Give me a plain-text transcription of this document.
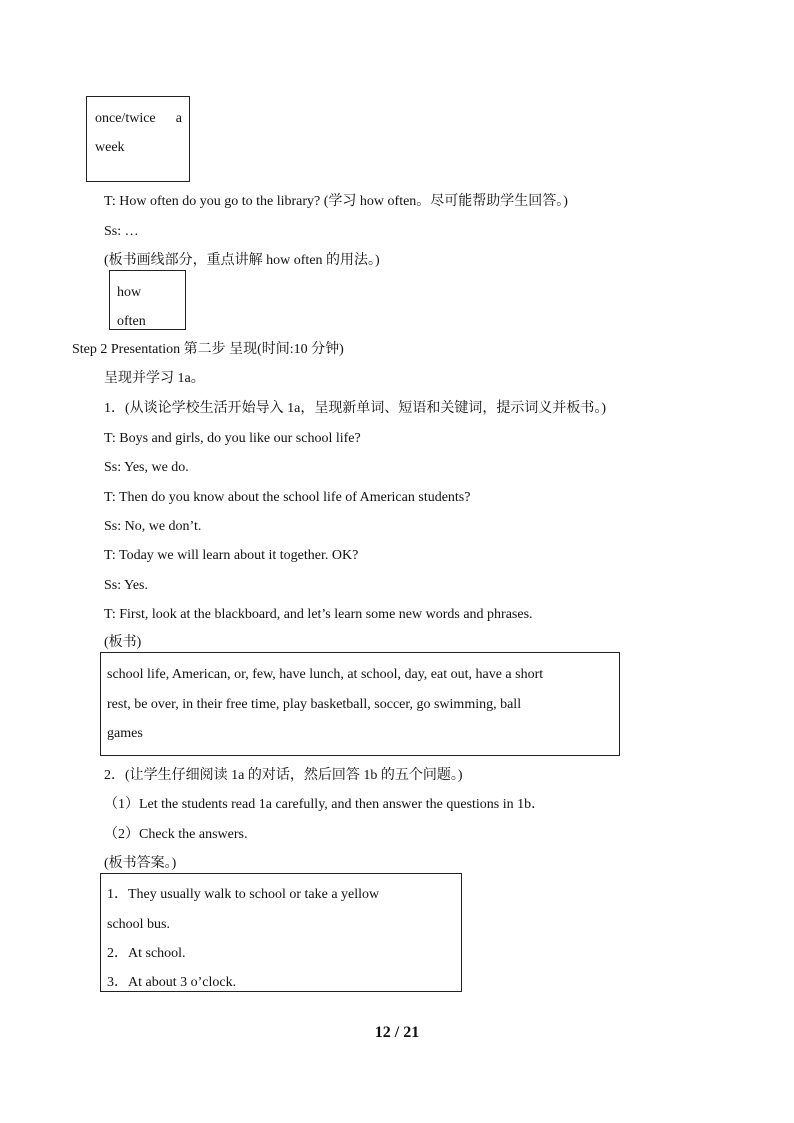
once/twice a
week
T: How often do you go to the library? (学习 how often。尽可能帮助学生回答。)
Ss: …
(板书画线部分，重点讲解 how often 的用法。)
how
often
Step 2 Presentation 第二步 呈现(时间:10 分钟)
呈现并学习 1a。
1．(从谈论学校生活开始导入 1a，呈现新单词、短语和关键词，提示词义并板书。)
T: Boys and girls, do you like our school life?
Ss: Yes, we do.
T: Then do you know about the school life of American students?
Ss: No, we don’t.
T: Today we will learn about it together. OK?
Ss: Yes.
T: First, look at the blackboard, and let’s learn some new words and phrases.
(板书)
school life, American, or, few, have lunch, at school, day, eat out, have a short
rest, be over, in their free time, play basketball, soccer, go swimming, ball
games
2．(让学生仔细阅读 1a 的对话，然后回答 1b 的五个问题。)
（1）Let the students read 1a carefully, and then answer the questions in 1b．
（2）Check the answers.
(板书答案。)
1．They usually walk to school or take a yellow
school bus.
2．At school.
3．At about 3 o’clock.
12 / 21
